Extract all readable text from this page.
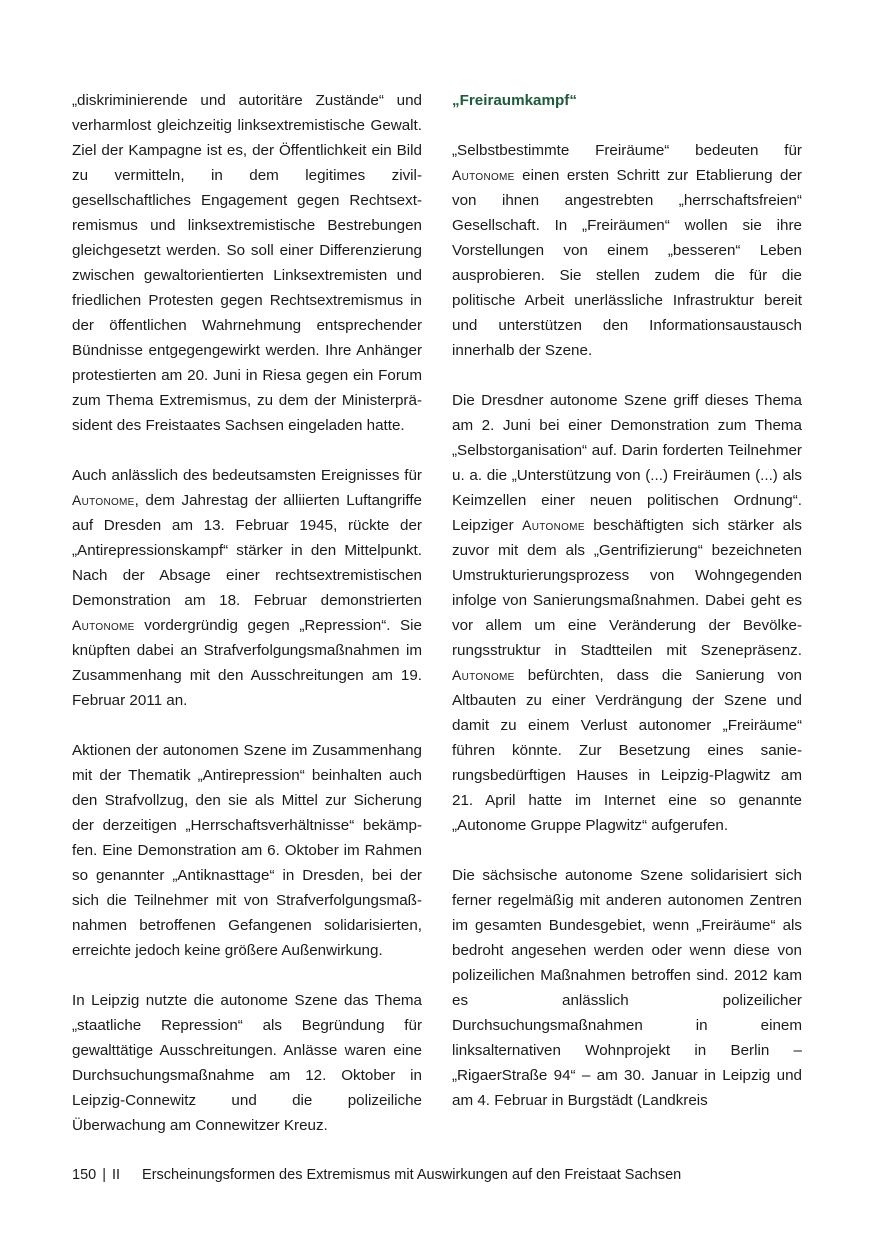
„diskriminierende und autoritäre Zustände“ und verharmlost gleichzeitig linksextremistische Gewalt. Ziel der Kampagne ist es, der Öffentlichkeit ein Bild zu vermitteln, in dem legitimes zivilgesellschaftliches Engagement gegen Rechtsextremismus und linksextremistische Bestrebungen gleichgesetzt werden. So soll einer Differenzierung zwischen gewaltorientierten Linksextremisten und friedlichen Protesten gegen Rechtsextremismus in der öffentlichen Wahrnehmung entsprechender Bündnisse entgegengewirkt werden. Ihre Anhänger protestierten am 20. Juni in Riesa gegen ein Forum zum Thema Extremismus, zu dem der Ministerpräsident des Freistaates Sachsen eingeladen hatte.

Auch anlässlich des bedeutsamsten Ereignisses für Autonome, dem Jahrestag der alliierten Luftangriffe auf Dresden am 13. Februar 1945, rückte der „Antirepressionskampf“ stärker in den Mittelpunkt. Nach der Absage einer rechtsextremistischen Demonstration am 18. Februar demonstrierten Autonome vordergründig gegen „Repression“. Sie knüpften dabei an Strafverfolgungsmaßnahmen im Zusammenhang mit den Ausschreitungen am 19. Februar 2011 an.

Aktionen der autonomen Szene im Zusammenhang mit der Thematik „Antirepression“ beinhalten auch den Strafvollzug, den sie als Mittel zur Sicherung der derzeitigen „Herrschaftsverhältnisse“ bekämpfen. Eine Demonstration am 6. Oktober im Rahmen so genannter „Antiknasttage“ in Dresden, bei der sich die Teilnehmer mit von Strafverfolgungsmaßnahmen betroffenen Gefangenen solidarisierten, erreichte jedoch keine größere Außenwirkung.

In Leipzig nutzte die autonome Szene das Thema „staatliche Repression“ als Begründung für gewalttätige Ausschreitungen. Anlässe waren eine Durchsuchungsmaßnahme am 12. Oktober in Leipzig-Connewitz und die polizeiliche Überwachung am Connewitzer Kreuz.

„Freiraumkampf“

„Selbstbestimmte Freiräume“ bedeuten für Autonome einen ersten Schritt zur Etablierung der von ihnen angestrebten „herrschaftsfreien“ Gesellschaft. In „Freiräumen“ wollen sie ihre Vorstellungen von einem „besseren“ Leben ausprobieren. Sie stellen zudem die für die politische Arbeit unerlässliche Infrastruktur bereit und unterstützen den Informationsaustausch innerhalb der Szene.

Die Dresdner autonome Szene griff dieses Thema am 2. Juni bei einer Demonstration zum Thema „Selbstorganisation“ auf. Darin forderten Teilnehmer u. a. die „Unterstützung von (...) Freiräumen (...) als Keimzellen einer neuen politischen Ordnung“. Leipziger Autonome beschäftigten sich stärker als zuvor mit dem als „Gentrifizierung“ bezeichneten Umstrukturierungsprozess von Wohngegenden infolge von Sanierungsmaßnahmen. Dabei geht es vor allem um eine Veränderung der Bevölkerungsstruktur in Stadtteilen mit Szenepräsenz. Autonome befürchten, dass die Sanierung von Altbauten zu einer Verdrängung der Szene und damit zu einem Verlust autonomer „Freiräume“ führen könnte. Zur Besetzung eines sanierungsbedürftigen Hauses in Leipzig-Plagwitz am 21. April hatte im Internet eine so genannte „Autonome Gruppe Plagwitz“ aufgerufen.

Die sächsische autonome Szene solidarisiert sich ferner regelmäßig mit anderen autonomen Zentren im gesamten Bundesgebiet, wenn „Freiräume“ als bedroht angesehen werden oder wenn diese von polizeilichen Maßnahmen betroffen sind. 2012 kam es anlässlich polizeilicher Durchsuchungsmaßnahmen in einem linksalternativen Wohnprojekt in Berlin – „RigaerStraße 94“ – am 30. Januar in Leipzig und am 4. Februar in Burgstädt (Landkreis

150 | II Erscheinungsformen des Extremismus mit Auswirkungen auf den Freistaat Sachsen
